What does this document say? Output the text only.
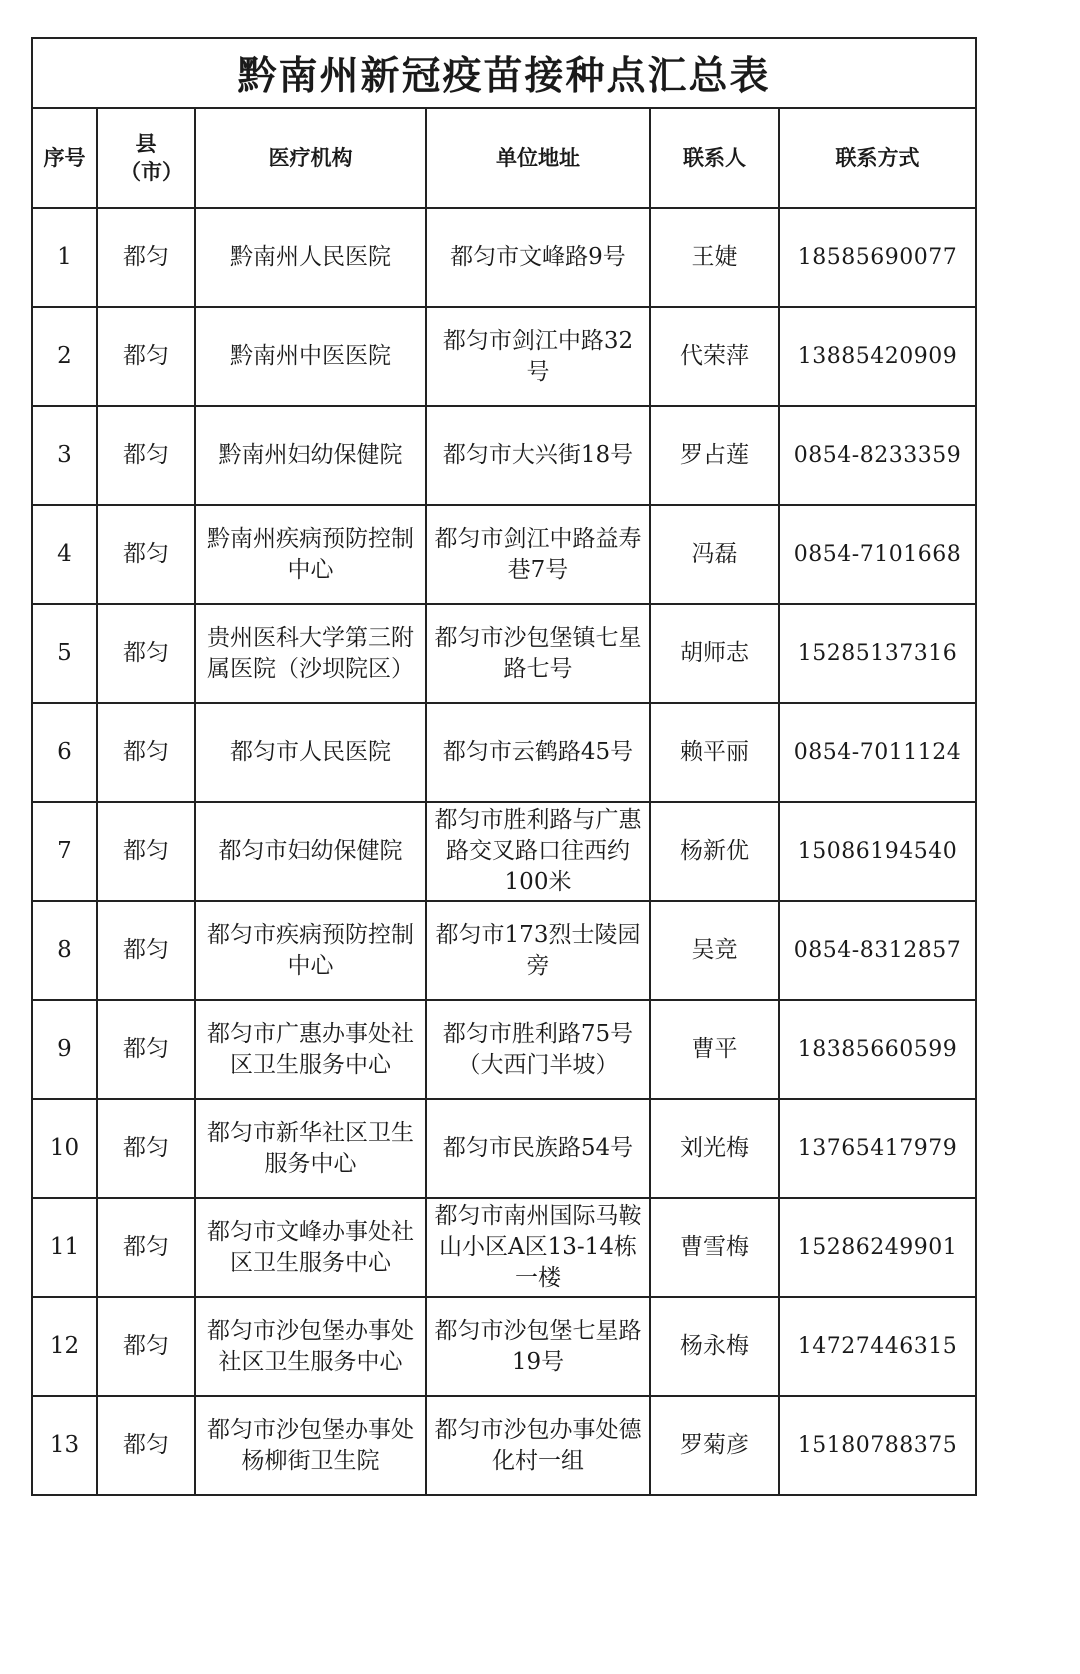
黔南州新冠疫苗接种点汇总表
序号	县（市）	医疗机构	单位地址	联系人	联系方式
1	都匀	黔南州人民医院	都匀市文峰路9号	王婕	18585690077
2	都匀	黔南州中医医院	都匀市剑江中路32号	代荣萍	13885420909
3	都匀	黔南州妇幼保健院	都匀市大兴街18号	罗占莲	0854-8233359
4	都匀	黔南州疾病预防控制中心	都匀市剑江中路益寿巷7号	冯磊	0854-7101668
5	都匀	贵州医科大学第三附属医院（沙坝院区）	都匀市沙包堡镇七星路七号	胡师志	15285137316
6	都匀	都匀市人民医院	都匀市云鹤路45号	赖平丽	0854-7011124
7	都匀	都匀市妇幼保健院	都匀市胜利路与广惠路交叉路口往西约100米	杨新优	15086194540
8	都匀	都匀市疾病预防控制中心	都匀市173烈士陵园旁	吴竞	0854-8312857
9	都匀	都匀市广惠办事处社区卫生服务中心	都匀市胜利路75号（大西门半坡）	曹平	18385660599
10	都匀	都匀市新华社区卫生服务中心	都匀市民族路54号	刘光梅	13765417979
11	都匀	都匀市文峰办事处社区卫生服务中心	都匀市南州国际马鞍山小区A区13-14栋一楼	曹雪梅	15286249901
12	都匀	都匀市沙包堡办事处社区卫生服务中心	都匀市沙包堡七星路19号	杨永梅	14727446315
13	都匀	都匀市沙包堡办事处杨柳街卫生院	都匀市沙包办事处德化村一组	罗菊彦	15180788375
